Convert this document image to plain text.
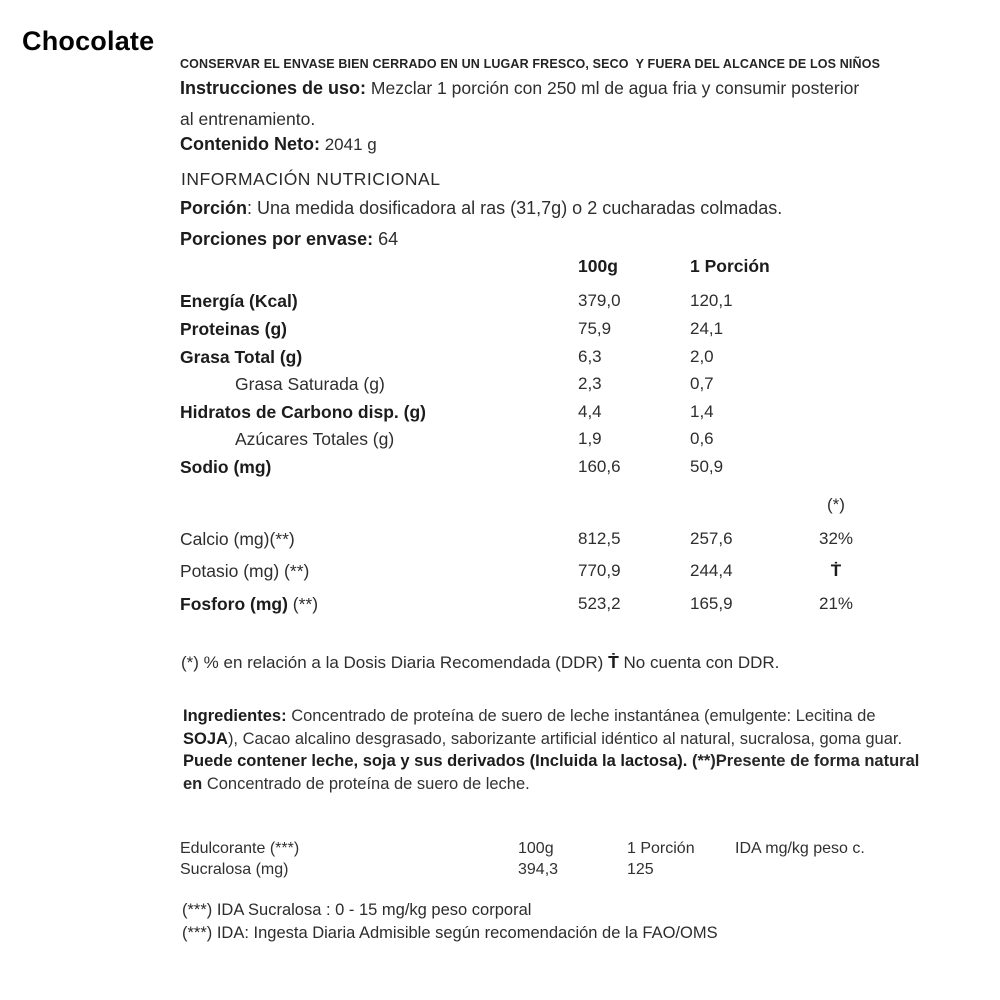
Chocolate
CONSERVAR EL ENVASE BIEN CERRADO EN UN LUGAR FRESCO, SECO  Y FUERA DEL ALCANCE DE LOS NIÑOS
Instrucciones de uso: Mezclar 1 porción con 250 ml de agua fria y consumir posterior
al entrenamiento.
Contenido Neto: 2041 g
INFORMACIÓN NUTRICIONAL
Porción: Una medida dosificadora al ras (31,7g) o 2 cucharadas colmadas.
Porciones por envase: 64
100g	1 Porción
Energía (Kcal)	379,0	120,1
Proteinas (g)	75,9	24,1
Grasa Total (g)	6,3	2,0
Grasa Saturada (g)	2,3	0,7
Hidratos de Carbono disp. (g)	4,4	1,4
Azúcares Totales (g)	1,9	0,6
Sodio (mg)	160,6	50,9
(*)
Calcio (mg)(**)	812,5	257,6	32%
Potasio (mg) (**)	770,9	244,4	Ṫ
Fosforo (mg) (**)	523,2	165,9	21%
(*) % en relación a la Dosis Diaria Recomendada (DDR) Ṫ No cuenta con DDR.
Ingredientes: Concentrado de proteína de suero de leche instantánea (emulgente: Lecitina de SOJA), Cacao alcalino desgrasado, saborizante artificial idéntico al natural, sucralosa, goma guar. Puede contener leche, soja y sus derivados (Incluida la lactosa). (**)Presente de forma natural en Concentrado de proteína de suero de leche.
Edulcorante (***)	100g	1 Porción	IDA mg/kg peso c.
Sucralosa (mg)	394,3	125
(***) IDA Sucralosa : 0 - 15 mg/kg peso corporal
(***) IDA: Ingesta Diaria Admisible según recomendación de la FAO/OMS
